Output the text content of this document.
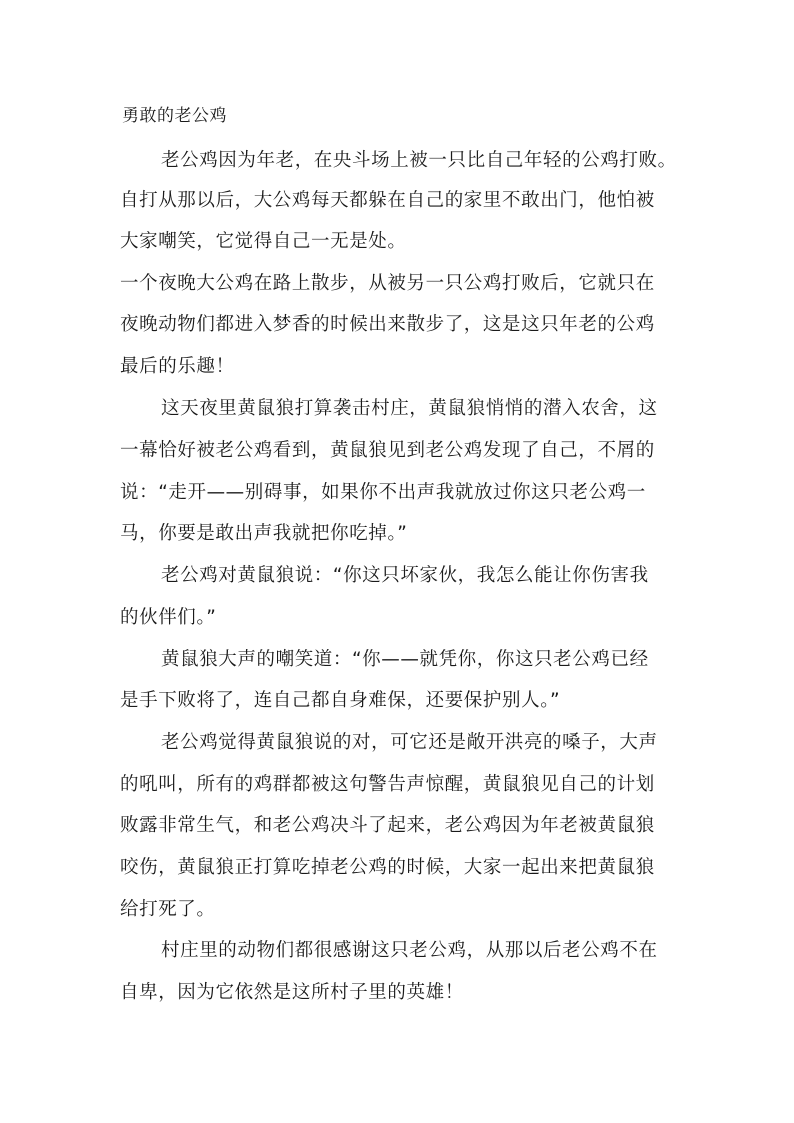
勇敢的老公鸡
老公鸡因为年老，在央斗场上被一只比自己年轻的公鸡打败。
自打从那以后，大公鸡每天都躲在自己的家里不敢出门，他怕被
大家嘲笑，它觉得自己一无是处。
一个夜晚大公鸡在路上散步，从被另一只公鸡打败后，它就只在
夜晚动物们都进入梦香的时候出来散步了，这是这只年老的公鸡
最后的乐趣！
这天夜里黄鼠狼打算袭击村庄，黄鼠狼悄悄的潜入农舍，这
一幕恰好被老公鸡看到，黄鼠狼见到老公鸡发现了自己，不屑的
说：“走开——别碍事，如果你不出声我就放过你这只老公鸡一
马，你要是敢出声我就把你吃掉。”
老公鸡对黄鼠狼说：“你这只坏家伙，我怎么能让你伤害我
的伙伴们。”
黄鼠狼大声的嘲笑道：“你——就凭你，你这只老公鸡已经
是手下败将了，连自己都自身难保，还要保护别人。”
老公鸡觉得黄鼠狼说的对，可它还是敞开洪亮的嗓子，大声
的吼叫，所有的鸡群都被这句警告声惊醒，黄鼠狼见自己的计划
败露非常生气，和老公鸡决斗了起来，老公鸡因为年老被黄鼠狼
咬伤，黄鼠狼正打算吃掉老公鸡的时候，大家一起出来把黄鼠狼
给打死了。
村庄里的动物们都很感谢这只老公鸡，从那以后老公鸡不在
自卑，因为它依然是这所村子里的英雄！
